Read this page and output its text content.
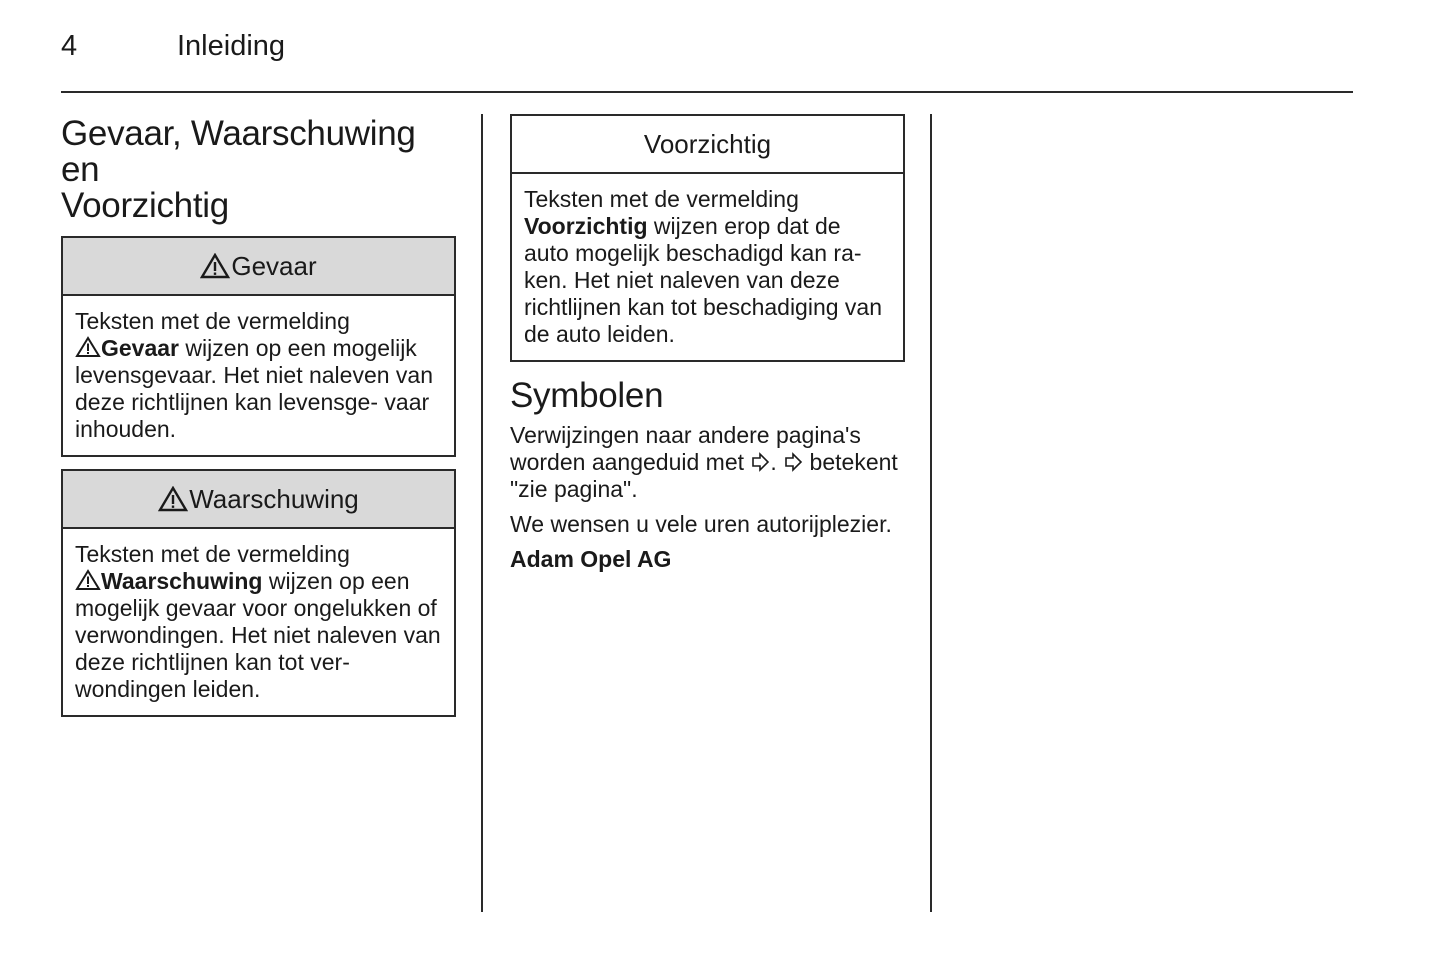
4	Inleiding
Gevaar, Waarschuwing en
Voorzichtig
Gevaar
Teksten met de vermelding

Gevaar wijzen op een mogelijk levensgevaar. Het niet naleven van deze richtlijnen kan levensge- vaar inhouden.
Waarschuwing
Teksten met de vermelding

Waarschuwing wijzen op een mogelijk gevaar voor ongelukken of verwondingen. Het niet naleven van deze richtlijnen kan tot ver- wondingen leiden.
Voorzichtig
Teksten met de vermelding
Voorzichtig wijzen erop dat de auto mogelijk beschadigd kan ra- ken. Het niet naleven van deze richtlijnen kan tot beschadiging van de auto leiden.
Symbolen

Verwijzingen naar andere pagina's worden aangeduid met .  betekent "zie pagina".

We wensen u vele uren autorijplezier.

Adam Opel AG
